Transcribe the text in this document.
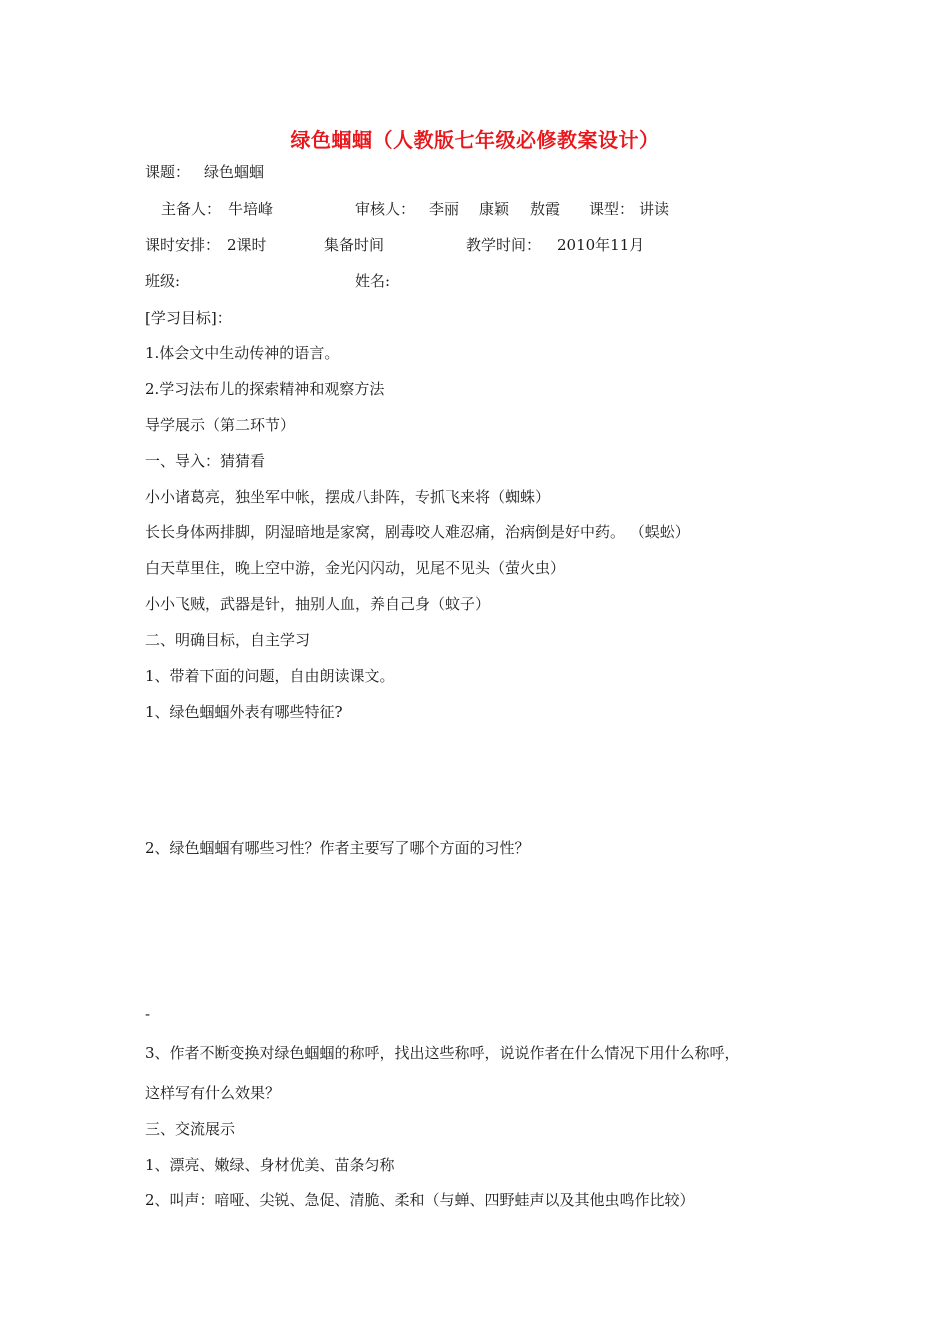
绿色蝈蝈（人教版七年级必修教案设计）
课题： 绿色蝈蝈
主备人： 牛培峰	审核人： 李丽 康颖 敖霞 课型： 讲读
课时安排： 2课时	集备时间	教学时间： 2010年11月
班级:	姓名:
[学习目标]：
1.体会文中生动传神的语言。
2.学习法布儿的探索精神和观察方法
导学展示（第二环节）
一、导入：猜猜看
小小诸葛亮，独坐军中帐，摆成八卦阵，专抓飞来将（蜘蛛）
长长身体两排脚，阴湿暗地是家窝，剧毒咬人难忍痛，治病倒是好中药。 （蜈蚣）
白天草里住，晚上空中游，金光闪闪动，见尾不见头（萤火虫）
小小飞贼，武器是针，抽别人血，养自己身（蚊子）
二、明确目标，自主学习
1、带着下面的问题，自由朗读课文。
1、绿色蝈蝈外表有哪些特征?
2、绿色蝈蝈有哪些习性？作者主要写了哪个方面的习性？
-
3、作者不断变换对绿色蝈蝈的称呼，找出这些称呼，说说作者在什么情况下用什么称呼，
这样写有什么效果？
三、交流展示
1、漂亮、嫩绿、身材优美、苗条匀称
2、叫声：喑哑、尖锐、急促、清脆、柔和（与蝉、四野蛙声以及其他虫鸣作比较）
